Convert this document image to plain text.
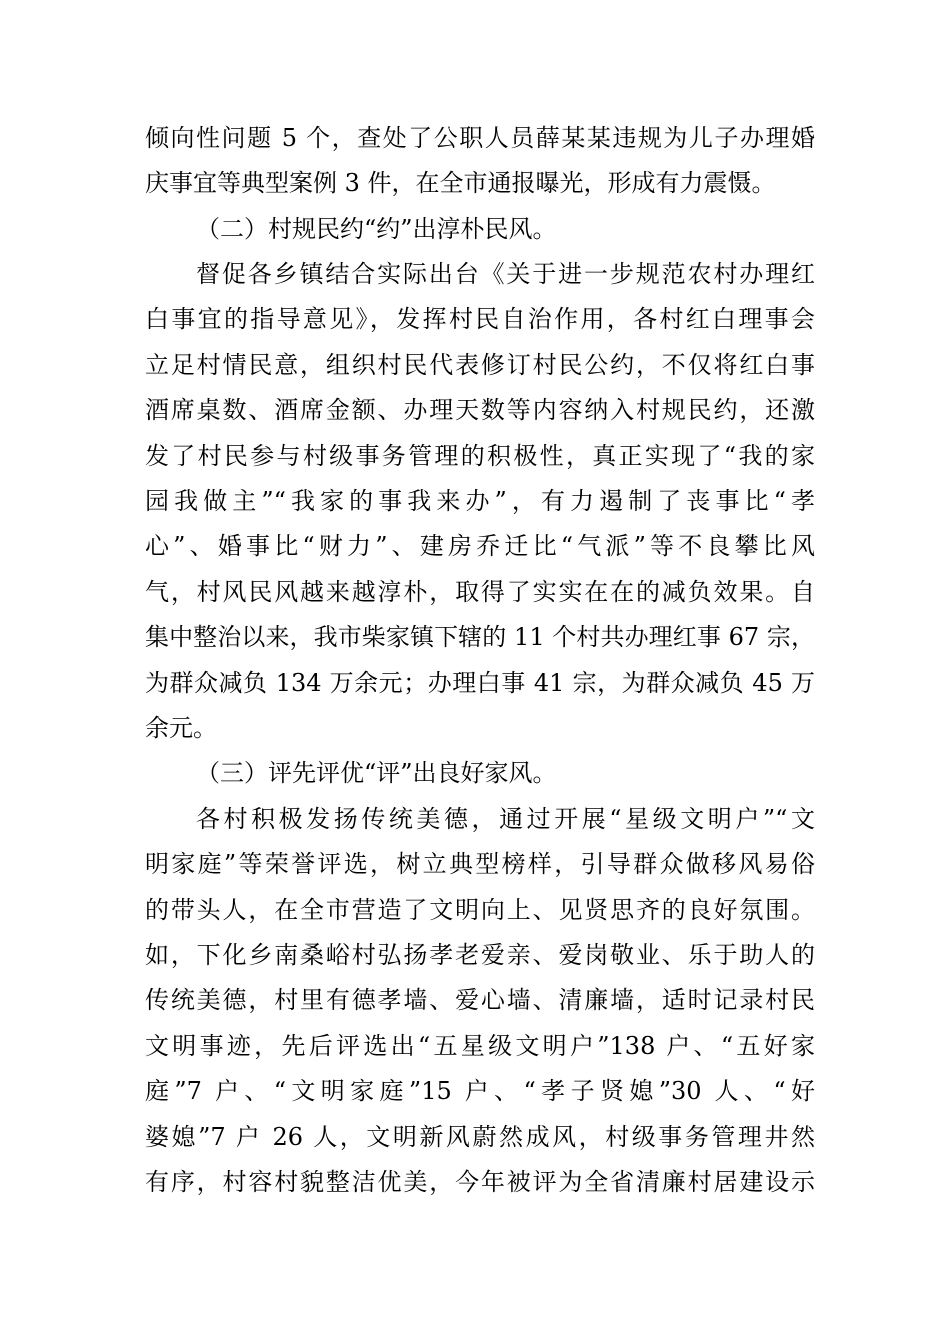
倾向性问题 5 个，查处了公职人员薛某某违规为儿子办理婚
庆事宜等典型案例 3 件，在全市通报曝光，形成有力震慑。
（二）村规民约“约”出淳朴民风。
督促各乡镇结合实际出台《关于进一步规范农村办理红
白事宜的指导意见》，发挥村民自治作用，各村红白理事会
立足村情民意，组织村民代表修订村民公约，不仅将红白事
酒席桌数、酒席金额、办理天数等内容纳入村规民约，还激
发了村民参与村级事务管理的积极性，真正实现了“我的家
园我做主”“我家的事我来办”，有力遏制了丧事比“孝
心”、婚事比“财力”、建房乔迁比“气派”等不良攀比风
气，村风民风越来越淳朴，取得了实实在在的减负效果。自
集中整治以来，我市柴家镇下辖的 11 个村共办理红事 67 宗，
为群众减负 134 万余元；办理白事 41 宗，为群众减负 45 万
余元。
（三）评先评优“评”出良好家风。
各村积极发扬传统美德，通过开展“星级文明户”“文
明家庭”等荣誉评选，树立典型榜样，引导群众做移风易俗
的带头人，在全市营造了文明向上、见贤思齐的良好氛围。
如，下化乡南桑峪村弘扬孝老爱亲、爱岗敬业、乐于助人的
传统美德，村里有德孝墙、爱心墙、清廉墙，适时记录村民
文明事迹，先后评选出“五星级文明户”138 户、“五好家
庭”7 户、“文明家庭”15 户、“孝子贤媳”30 人、“好
婆媳”7 户 26 人，文明新风蔚然成风，村级事务管理井然
有序，村容村貌整洁优美，今年被评为全省清廉村居建设示
